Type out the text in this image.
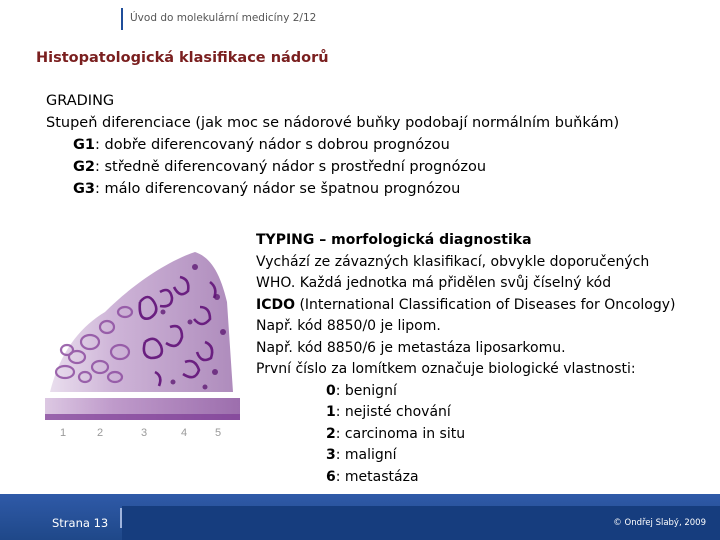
Úvod do molekulární medicíny 2/12
Histopatologická klasifikace nádorů
GRADING
Stupeň diferenciace (jak moc se nádorové buňky podobají normálním buňkám)
G1: dobře diferencovaný nádor s dobrou prognózou
G2: středně diferencovaný nádor s prostřední prognózou
G3: málo diferencovaný nádor se špatnou prognózou
1	2	3	4	5
TYPING – morfologická diagnostika
Vychází ze závazných klasifikací, obvykle doporučených
WHO. Každá jednotka má přidělen svůj číselný kód
ICDO (International Classification of Diseases for Oncology)
Např. kód 8850/0 je lipom.
Např. kód 8850/6 je metastáza liposarkomu.
První číslo za lomítkem označuje biologické vlastnosti:
0: benigní
1: nejisté chování
2: carcinoma in situ
3: maligní
6: metastáza
Strana 13	© Ondřej Slabý, 2009
